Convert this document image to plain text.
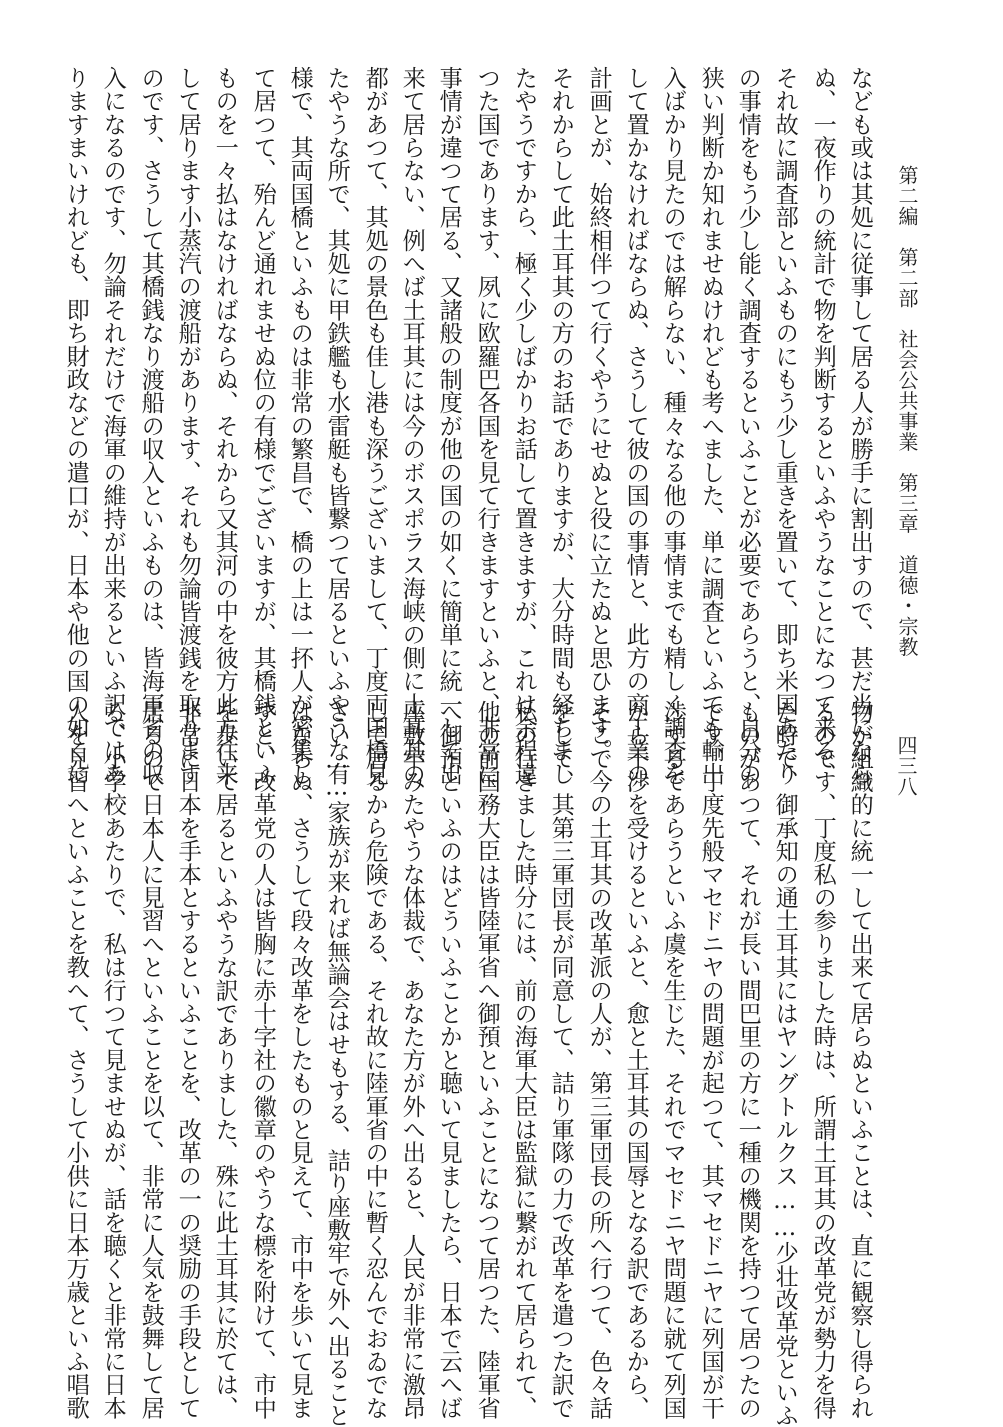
第二編　第二部　社会公共事業　第三章　道徳・宗教
四三八
なども或は其処に従事して居る人が勝手に割出すので、甚だ当になら
ぬ、一夜作りの統計で物を判断するといふやうなことになつて来る、
それ故に調査部といふものにもう少し重きを置いて、即ち米国あたり
の事情をもう少し能く調査するといふことが必要であらうと、自分の
狭い判断か知れませぬけれども考へました、単に調査といふても輸出
入ばかり見たのでは解らない、種々なる他の事情までも精しく調査を
して置かなければならぬ、さうして彼の国の事情と、此方の商工業の
計画とが、始終相伴つて行くやうにせぬと役に立たぬと思ひます。
それからして此土耳其の方のお話でありますが、大分時間も経ちまし
たやうですから、極く少しばかりお話して置きますが、これは余程違
つた国であります、夙に欧羅巴各国を見て行きますといふと、非常に
事情が違つて居る、又諸般の制度が他の国の如くに簡単に統一して出
来て居らない、例へば土耳其には今のボスポラス海峡の側に土耳其の
都があつて、其処の景色も佳し港も深うございまして、丁度両国橋見
たやうな所で、其処に甲鉄艦も水雷艇も皆繋つて居るといふやうな有
様で、其両国橋といふものは非常の繁昌で、橋の上は一抔人が密集し
て居つて、殆んど通れませぬ位の有様でございますが、其橋銭といふ
ものを一々払はなければならぬ、それから又其河の中を彼方此方往来
して居ります小蒸汽の渡船があります、それも勿論皆渡銭を取ります
のです、さうして其橋銭なり渡船の収入といふものは、皆海軍省の収
入になるのです、勿論それだけで海軍の維持が出来るといふ訳ではあ
りますまいけれども、即ち財政などの遣口が、日本や他の国の如くに
物が組織的に統一して出来て居らぬといふことは、直に観察し得られ
るのです、丁度私の参りました時は、所謂土耳其の改革党が勢力を得
た時で、御承知の通土耳其にはヤングトルクス……少壮改革党といふ
ものがあつて、それが長い間巴里の方に一種の機関を持つて居つたの
です、丁度先般マセドニヤの問題が起つて、其マセドニヤに列国が干
渉するであらうといふ虞を生じた、それでマセドニヤ問題に就て列国
から干渉を受けるといふと、愈と土耳其の国辱となる訳であるから、
そこで今の土耳其の改革派の人が、第三軍団長の所へ行つて、色々話
をして、其第三軍団長が同意して、詰り軍隊の力で改革を遣つた訳で
私の行きました時分には、前の海軍大臣は監獄に繋がれて居られて、
他の前国務大臣は皆陸軍省へ御預といふことになつて居つた、陸軍省
へ御預といふのはどういふことかと聴いて見ましたら、日本で云へば
座敷牢みたやうな体裁で、あなた方が外へ出ると、人民が非常に激昂
して居るから危険である、それ故に陸軍省の中に暫く忍んでおゐでな
さい……家族が来れば無論会はせもする、詰り座敷牢で外へ出ること
はならぬ、さうして段々改革をしたものと見えて、市中を歩いて見ま
すと、改革党の人は皆胸に赤十字社の徽章のやうな標を附けて、市中
を歩いて居るといふやうな訳でありました、殊に此土耳其に於ては、
非常に日本を手本とするといふことを、改革の一の奨励の手段として
居るので日本人に見習へといふことを以て、非常に人気を鼓舞して居
る、小学校あたりで、私は行つて見ませぬが、話を聴くと非常に日本
人を見習へといふことを教へて、さうして小供に日本万歳といふ唱歌
